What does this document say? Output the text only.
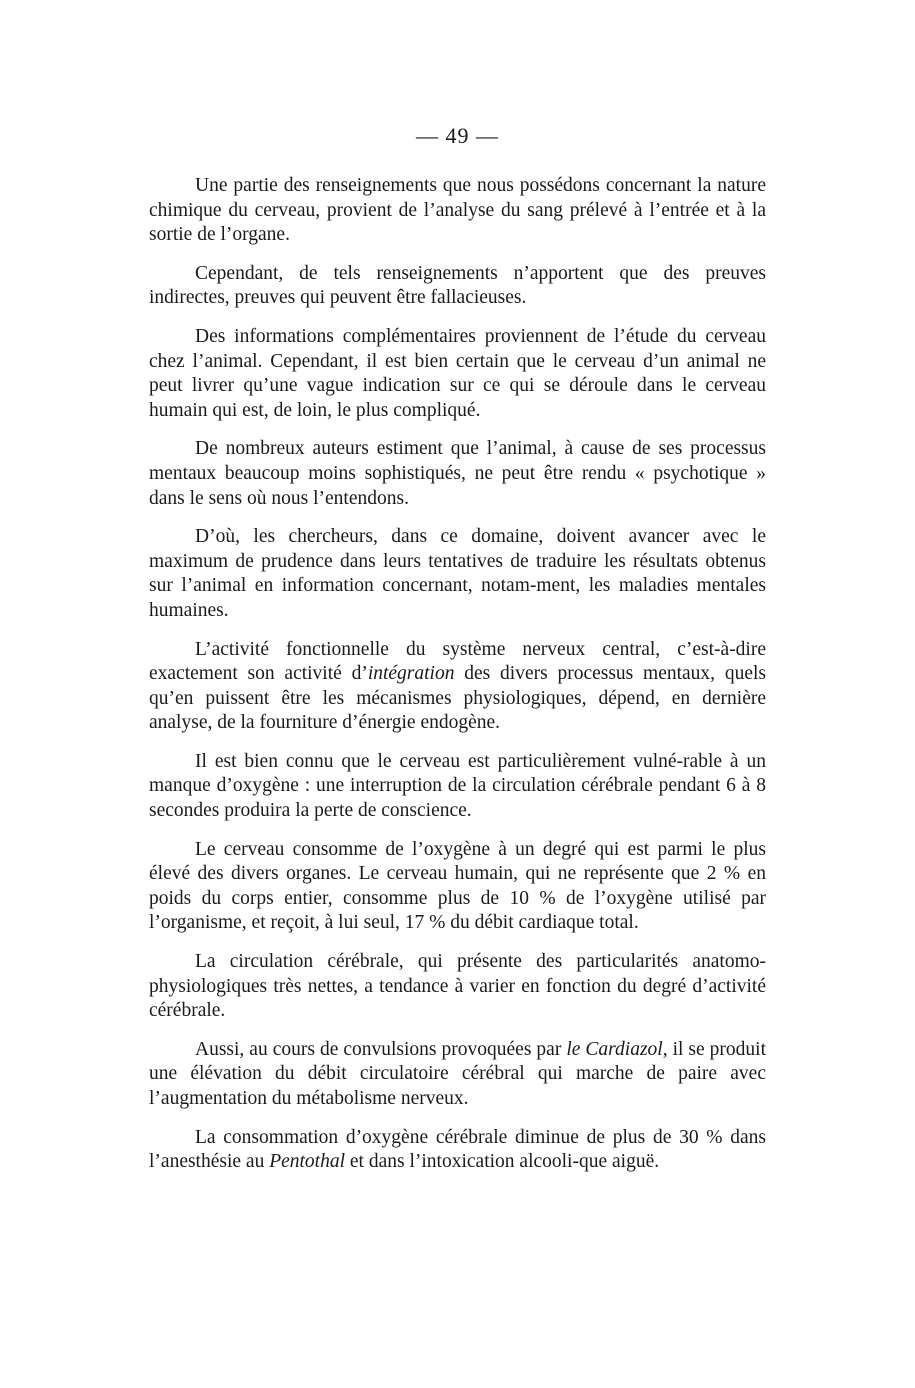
— 49 —

Une partie des renseignements que nous possédons concernant la nature chimique du cerveau, provient de l’analyse du sang prélevé à l’entrée et à la sortie de l’organe.

Cependant, de tels renseignements n’apportent que des preuves indirectes, preuves qui peuvent être fallacieuses.

Des informations complémentaires proviennent de l’étude du cerveau chez l’animal. Cependant, il est bien certain que le cerveau d’un animal ne peut livrer qu’une vague indication sur ce qui se déroule dans le cerveau humain qui est, de loin, le plus compliqué.

De nombreux auteurs estiment que l’animal, à cause de ses processus mentaux beaucoup moins sophistiqués, ne peut être rendu « psychotique » dans le sens où nous l’entendons.

D’où, les chercheurs, dans ce domaine, doivent avancer avec le maximum de prudence dans leurs tentatives de traduire les résultats obtenus sur l’animal en information concernant, notam-ment, les maladies mentales humaines.

L’activité fonctionnelle du système nerveux central, c’est-à-dire exactement son activité d’intégration des divers processus mentaux, quels qu’en puissent être les mécanismes physiologiques, dépend, en dernière analyse, de la fourniture d’énergie endogène.

Il est bien connu que le cerveau est particulièrement vulné-rable à un manque d’oxygène : une interruption de la circulation cérébrale pendant 6 à 8 secondes produira la perte de conscience.

Le cerveau consomme de l’oxygène à un degré qui est parmi le plus élevé des divers organes. Le cerveau humain, qui ne représente que 2 % en poids du corps entier, consomme plus de 10 % de l’oxygène utilisé par l’organisme, et reçoit, à lui seul, 17 % du débit cardiaque total.

La circulation cérébrale, qui présente des particularités anatomo-physiologiques très nettes, a tendance à varier en fonction du degré d’activité cérébrale.

Aussi, au cours de convulsions provoquées par le Cardiazol, il se produit une élévation du débit circulatoire cérébral qui marche de paire avec l’augmentation du métabolisme nerveux.

La consommation d’oxygène cérébrale diminue de plus de 30 % dans l’anesthésie au Pentothal et dans l’intoxication alcooli-que aiguë.
